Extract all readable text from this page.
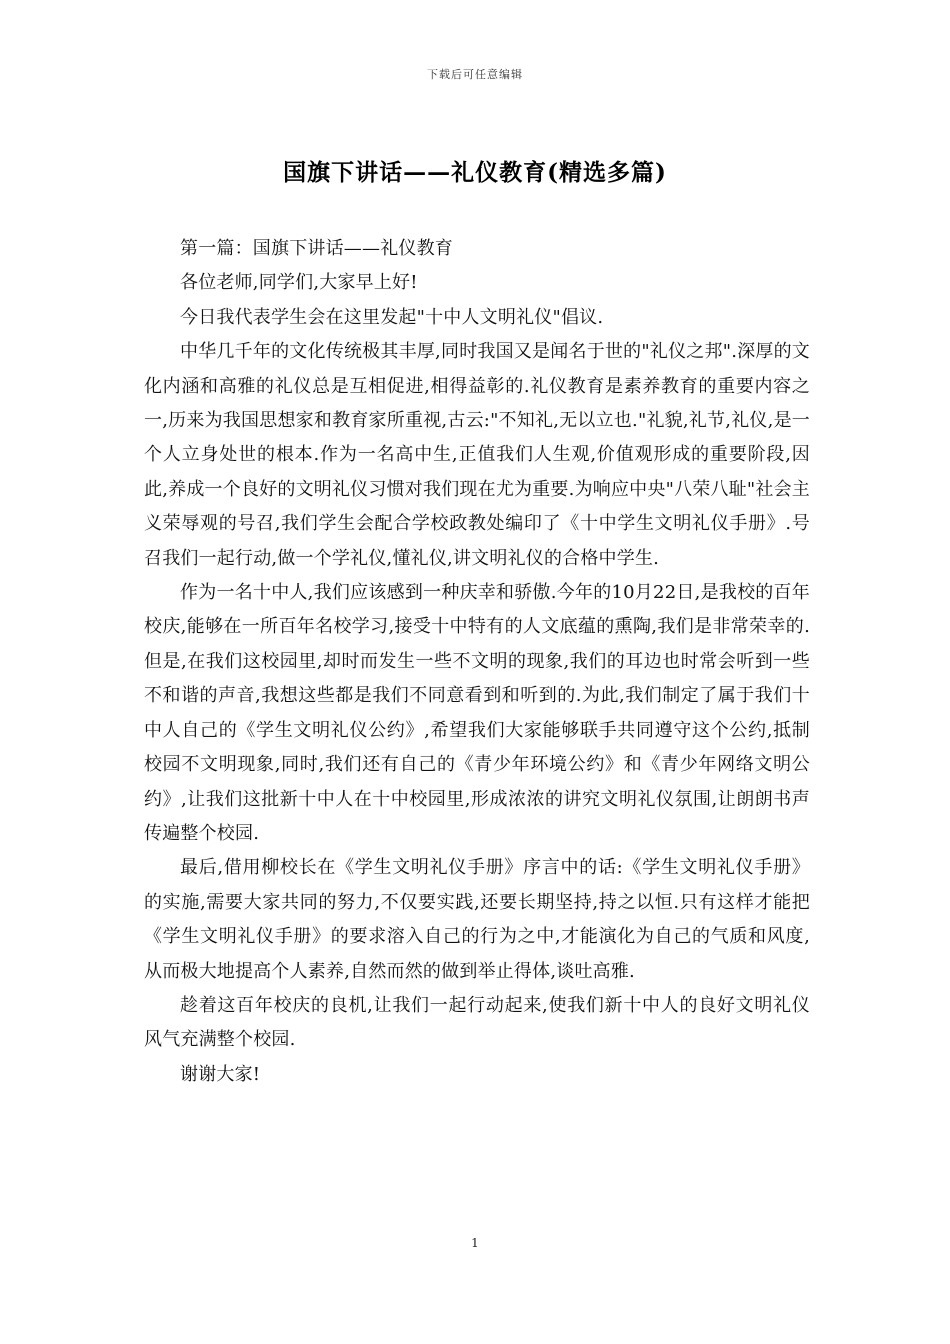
下载后可任意编辑
国旗下讲话——礼仪教育(精选多篇)

第一篇：国旗下讲话——礼仪教育

各位老师,同学们,大家早上好!

今日我代表学生会在这里发起"十中人文明礼仪"倡议.

中华几千年的文化传统极其丰厚,同时我国又是闻名于世的"礼仪之邦".深厚的文化内涵和高雅的礼仪总是互相促进,相得益彰的.礼仪教育是素养教育的重要内容之一,历来为我国思想家和教育家所重视,古云:"不知礼,无以立也."礼貌,礼节,礼仪,是一个人立身处世的根本.作为一名高中生,正值我们人生观,价值观形成的重要阶段,因此,养成一个良好的文明礼仪习惯对我们现在尤为重要.为响应中央"八荣八耻"社会主义荣辱观的号召,我们学生会配合学校政教处编印了《十中学生文明礼仪手册》.号召我们一起行动,做一个学礼仪,懂礼仪,讲文明礼仪的合格中学生.

作为一名十中人,我们应该感到一种庆幸和骄傲.今年的10月22日,是我校的百年校庆,能够在一所百年名校学习,接受十中特有的人文底蕴的熏陶,我们是非常荣幸的.但是,在我们这校园里,却时而发生一些不文明的现象,我们的耳边也时常会听到一些不和谐的声音,我想这些都是我们不同意看到和听到的.为此,我们制定了属于我们十中人自己的《学生文明礼仪公约》,希望我们大家能够联手共同遵守这个公约,抵制校园不文明现象,同时,我们还有自己的《青少年环境公约》和《青少年网络文明公约》,让我们这批新十中人在十中校园里,形成浓浓的讲究文明礼仪氛围,让朗朗书声传遍整个校园.

最后,借用柳校长在《学生文明礼仪手册》序言中的话:《学生文明礼仪手册》的实施,需要大家共同的努力,不仅要实践,还要长期坚持,持之以恒.只有这样才能把《学生文明礼仪手册》的要求溶入自己的行为之中,才能演化为自己的气质和风度,从而极大地提高个人素养,自然而然的做到举止得体,谈吐高雅.

趁着这百年校庆的良机,让我们一起行动起来,使我们新十中人的良好文明礼仪风气充满整个校园.

谢谢大家!

1
